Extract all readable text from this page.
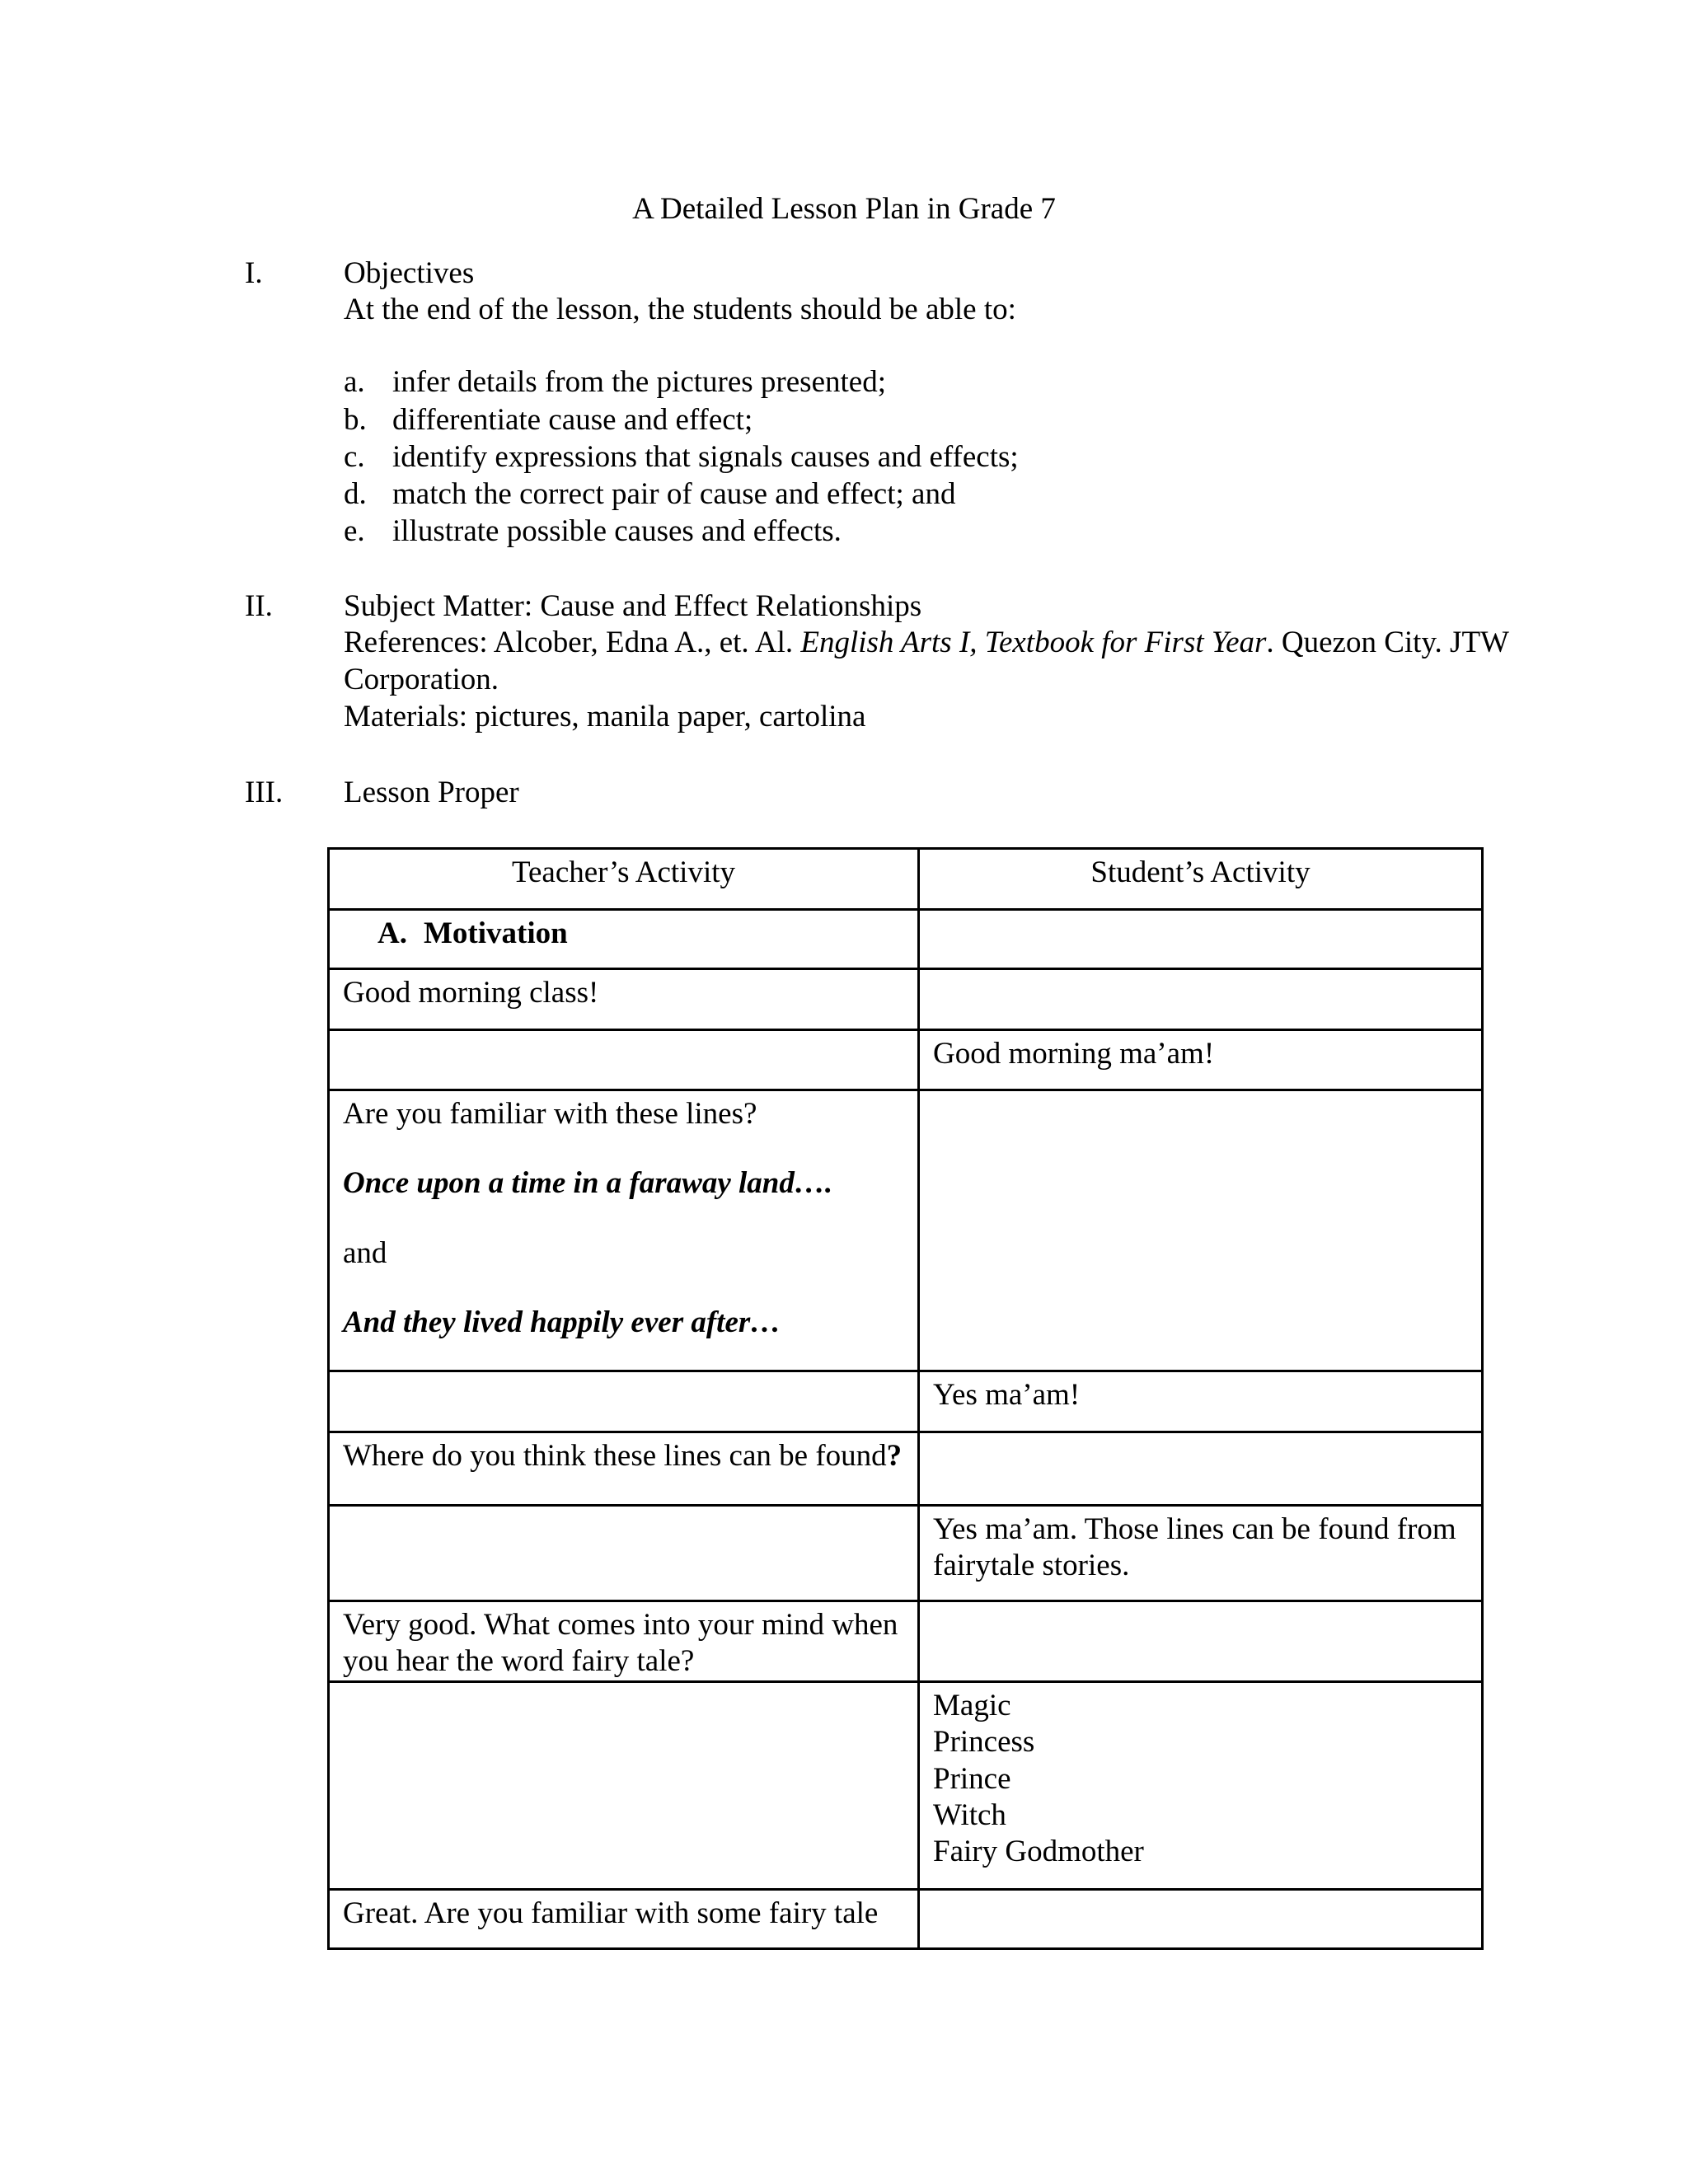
A Detailed Lesson Plan in Grade 7
I.	Objectives
At the end of the lesson, the students should be able to:
a. infer details from the pictures presented;
b. differentiate cause and effect;
c. identify expressions that signals causes and effects;
d. match the correct pair of cause and effect; and
e. illustrate possible causes and effects.
II. Subject Matter: Cause and Effect Relationships
References: Alcober, Edna A., et. Al. English Arts I, Textbook for First Year. Quezon City. JTW
Corporation.
Materials: pictures, manila paper, cartolina
III. Lesson Proper
Teacher’s Activity	Student’s Activity
A. Motivation	
Good morning class!	
	Good morning ma’am!

Are you familiar with these lines?
Once upon a time in a faraway land….
and
And they lived happily ever after…	

	Yes ma’am!
Where do you think these lines can be found?	

	Yes ma’am. Those lines can be found from
fairytale stories.

Very good. What comes into your mind when
you hear the word fairy tale?	

	Magic
Princess
Prince
Witch
Fairy Godmother

Great. Are you familiar with some fairy tale	
